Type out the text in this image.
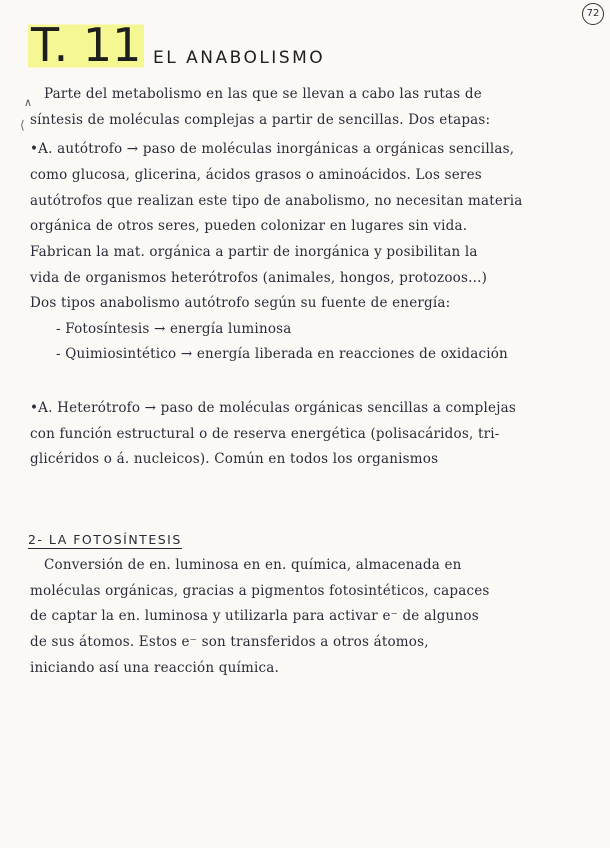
72
T. 11 EL ANABOLISMO
∧
⟨
Parte del metabolismo en las que se llevan a cabo las rutas de
síntesis de moléculas complejas a partir de sencillas. Dos etapas:
•A. autótrofo → paso de moléculas inorgánicas a orgánicas sencillas,
como glucosa, glicerina, ácidos grasos o aminoácidos. Los seres
autótrofos que realizan este tipo de anabolismo, no necesitan materia
orgánica de otros seres, pueden colonizar en lugares sin vida.
Fabrican la mat. orgánica a partir de inorgánica y posibilitan la
vida de organismos heterótrofos (animales, hongos, protozoos...)
Dos tipos anabolismo autótrofo según su fuente de energía:
- Fotosíntesis → energía luminosa
- Quimiosintético → energía liberada en reacciones de oxidación
•A. Heterótrofo → paso de moléculas orgánicas sencillas a complejas
con función estructural o de reserva energética (polisacáridos, tri-
glicéridos o á. nucleicos). Común en todos los organismos
2- LA FOTOSÍNTESIS
Conversión de en. luminosa en en. química, almacenada en
moléculas orgánicas, gracias a pigmentos fotosintéticos, capaces
de captar la en. luminosa y utilizarla para activar e⁻ de algunos
de sus átomos. Estos e⁻ son transferidos a otros átomos,
iniciando así una reacción química.
